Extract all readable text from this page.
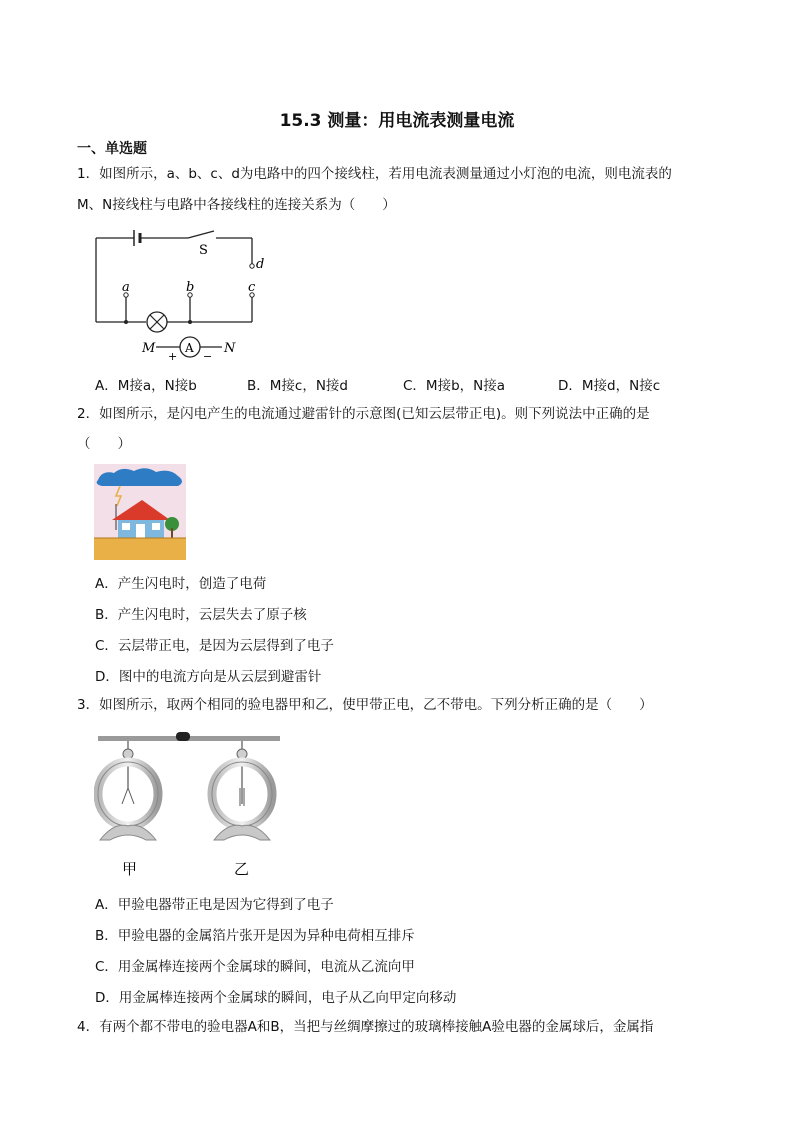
15.3 测量：用电流表测量电流
一、单选题
1．如图所示，a、b、c、d为电路中的四个接线柱，若用电流表测量通过小灯泡的电流，则电流表的
M、N接线柱与电路中各接线柱的连接关系为（　　）
S
d
a	b	c
M A N
+ −
A．M接a，N接b	B．M接c，N接d	C．M接b，N接a	D．M接d，N接c
2．如图所示，是闪电产生的电流通过避雷针的示意图(已知云层带正电)。则下列说法中正确的是
（　　）
A．产生闪电时，创造了电荷
B．产生闪电时，云层失去了原子核
C．云层带正电，是因为云层得到了电子
D．图中的电流方向是从云层到避雷针
3．如图所示，取两个相同的验电器甲和乙，使甲带正电，乙不带电。下列分析正确的是（　　）
甲	乙
A．甲验电器带正电是因为它得到了电子
B．甲验电器的金属箔片张开是因为异种电荷相互排斥
C．用金属棒连接两个金属球的瞬间，电流从乙流向甲
D．用金属棒连接两个金属球的瞬间，电子从乙向甲定向移动
4．有两个都不带电的验电器A和B，当把与丝绸摩擦过的玻璃棒接触A验电器的金属球后，金属指
